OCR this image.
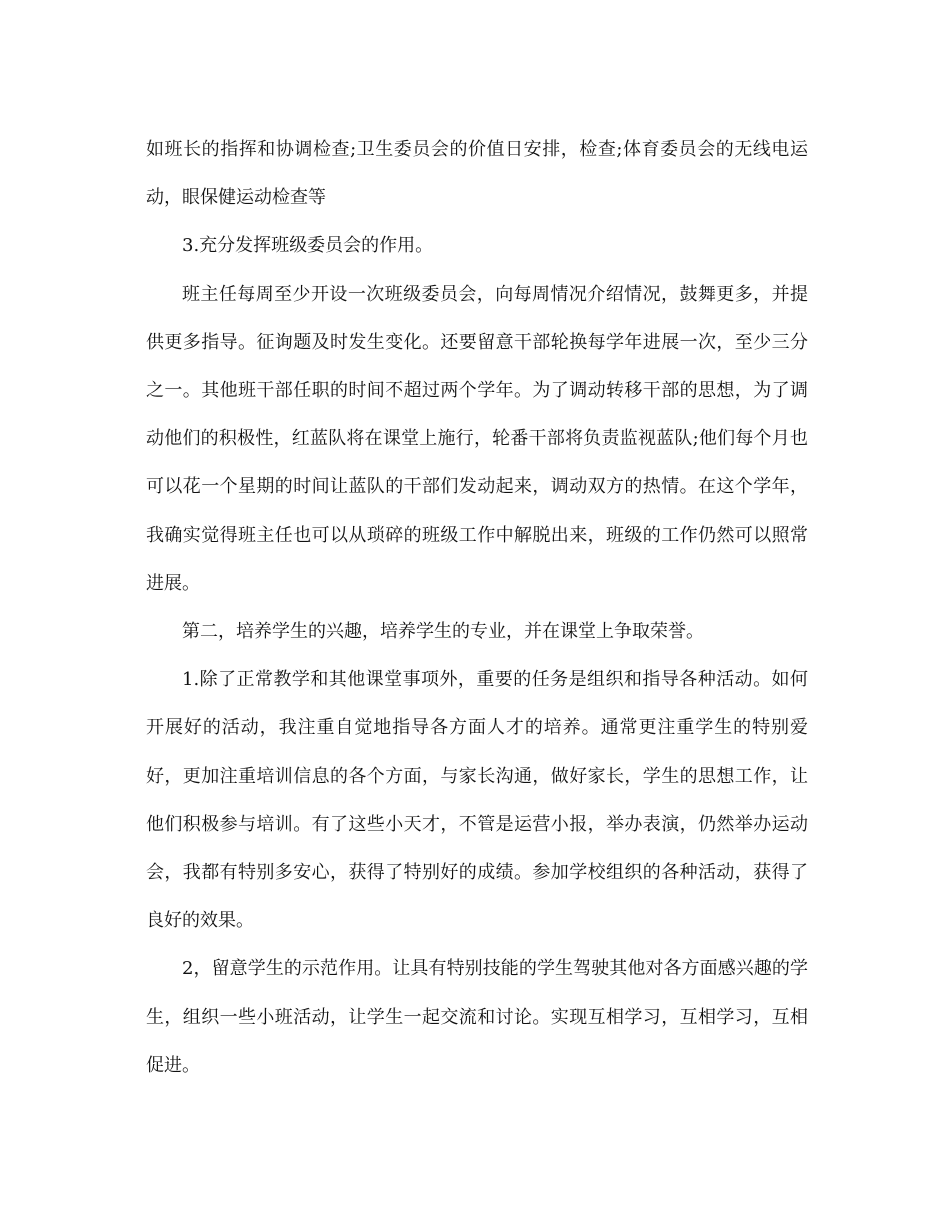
如班长的指挥和协调检查;卫生委员会的价值日安排，检查;体育委员会的无线电运动，眼保健运动检查等

3.充分发挥班级委员会的作用。

班主任每周至少开设一次班级委员会，向每周情况介绍情况，鼓舞更多，并提供更多指导。征询题及时发生变化。还要留意干部轮换每学年进展一次，至少三分之一。其他班干部任职的时间不超过两个学年。为了调动转移干部的思想，为了调动他们的积极性，红蓝队将在课堂上施行，轮番干部将负责监视蓝队;他们每个月也可以花一个星期的时间让蓝队的干部们发动起来，调动双方的热情。在这个学年，我确实觉得班主任也可以从琐碎的班级工作中解脱出来，班级的工作仍然可以照常进展。

第二，培养学生的兴趣，培养学生的专业，并在课堂上争取荣誉。

1.除了正常教学和其他课堂事项外，重要的任务是组织和指导各种活动。如何开展好的活动，我注重自觉地指导各方面人才的培养。通常更注重学生的特别爱好，更加注重培训信息的各个方面，与家长沟通，做好家长，学生的思想工作，让他们积极参与培训。有了这些小天才，不管是运营小报，举办表演，仍然举办运动会，我都有特别多安心，获得了特别好的成绩。参加学校组织的各种活动，获得了良好的效果。

2，留意学生的示范作用。让具有特别技能的学生驾驶其他对各方面感兴趣的学生，组织一些小班活动，让学生一起交流和讨论。实现互相学习，互相学习，互相促进。
